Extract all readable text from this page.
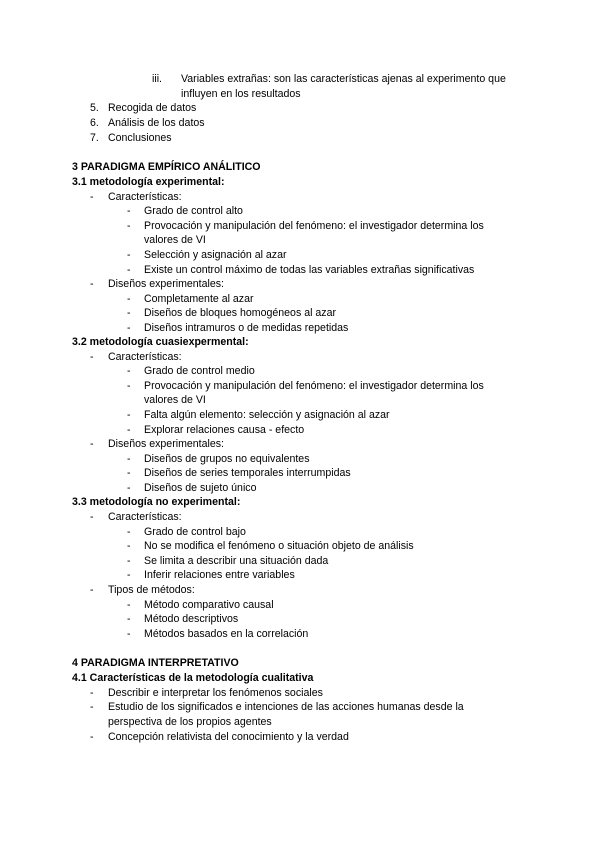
iii. Variables extrañas: son las características ajenas al experimento que
influyen en los resultados
5. Recogida de datos
6. Análisis de los datos
7. Conclusiones
3 PARADIGMA EMPÍRICO ANÁLITICO
3.1 metodología experimental:
- Características:
- Grado de control alto
- Provocación y manipulación del fenómeno: el investigador determina los
valores de VI
- Selección y asignación al azar
- Existe un control máximo de todas las variables extrañas significativas
- Diseños experimentales:
- Completamente al azar
- Diseños de bloques homogéneos al azar
- Diseños intramuros o de medidas repetidas
3.2 metodología cuasiexpermental:
- Características:
- Grado de control medio
- Provocación y manipulación del fenómeno: el investigador determina los
valores de VI
- Falta algún elemento: selección y asignación al azar
- Explorar relaciones causa - efecto
- Diseños experimentales:
- Diseños de grupos no equivalentes
- Diseños de series temporales interrumpidas
- Diseños de sujeto único
3.3 metodología no experimental:
- Características:
- Grado de control bajo
- No se modifica el fenómeno o situación objeto de análisis
- Se limita a describir una situación dada
- Inferir relaciones entre variables
- Tipos de métodos:
- Método comparativo causal
- Método descriptivos
- Métodos basados en la correlación
4 PARADIGMA INTERPRETATIVO
4.1 Características de la metodología cualitativa
- Describir e interpretar los fenómenos sociales
- Estudio de los significados e intenciones de las acciones humanas desde la
perspectiva de los propios agentes
- Concepción relativista del conocimiento y la verdad
